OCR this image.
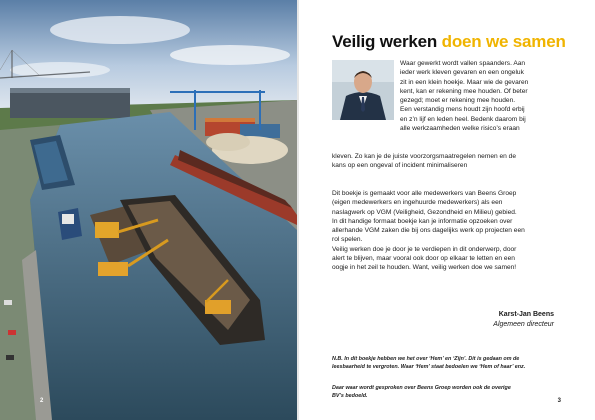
2
Veilig werken doen we samen

Waar gewerkt wordt vallen spaanders. Aan
ieder werk kleven gevaren en een ongeluk
zit in een klein hoekje. Maar wie de gevaren
kent, kan er rekening mee houden. Of beter
gezegd; moet er rekening mee houden.
Een verstandig mens houdt zijn hoofd erbij
en z’n lijf en leden heel. Bedenk daarom bij
alle werkzaamheden welke risico’s eraan

kleven. Zo kan je de juiste voorzorgsmaatregelen nemen en de
kans op een ongeval of incident minimaliseren

Dit boekje is gemaakt voor alle medewerkers van Beens Groep
(eigen medewerkers en ingehuurde medewerkers) als een
naslagwerk op VGM (Veiligheid, Gezondheid en Milieu) gebied.
In dit handige formaat boekje kan je informatie opzoeken over
allerhande VGM zaken die bij ons dagelijks werk op projecten een
rol spelen.
Veilig werken doe je door je te verdiepen in dit onderwerp, door
alert te blijven, maar vooral ook door op elkaar te letten en een
oogje in het zeil te houden. Want, veilig werken doe we samen!

Karst-Jan Beens
Algemeen directeur

N.B. In dit boekje hebben we het over ‘Hem’ en ‘Zijn’. Dit is gedaan om de
leesbaarheid te vergroten. Waar ‘Hem’ staat bedoelen we ‘Hem of haar’ enz.

Daar waar wordt gesproken over Beens Groep worden ook de overige
BV’s bedoeld.

3
